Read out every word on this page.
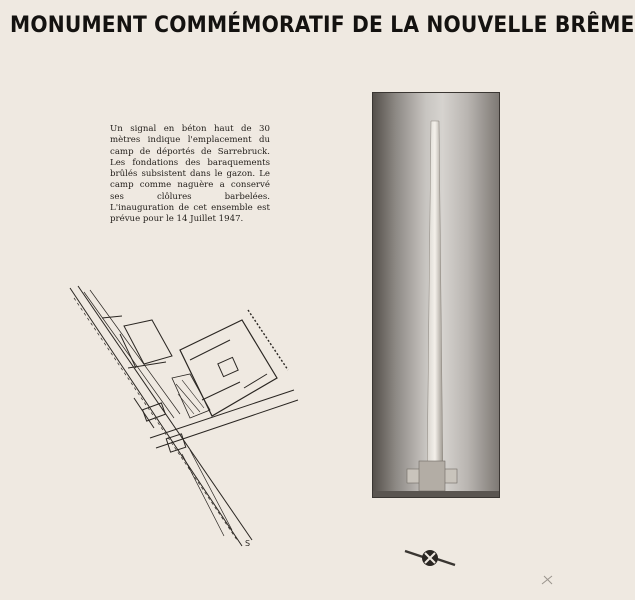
MONUMENT COMMÉMORATIF DE LA NOUVELLE BRÊME

Un signal en béton haut de 30 mètres indique l'emplacement du camp de déportés de Sarrebruck. Les fondations des baraquements brûlés subsistent dans le gazon. Le camp comme naguère a conservé ses clôlures barbelées. L'inauguration de cet ensemble est prévue pour le 14 Juillet 1947.

S
